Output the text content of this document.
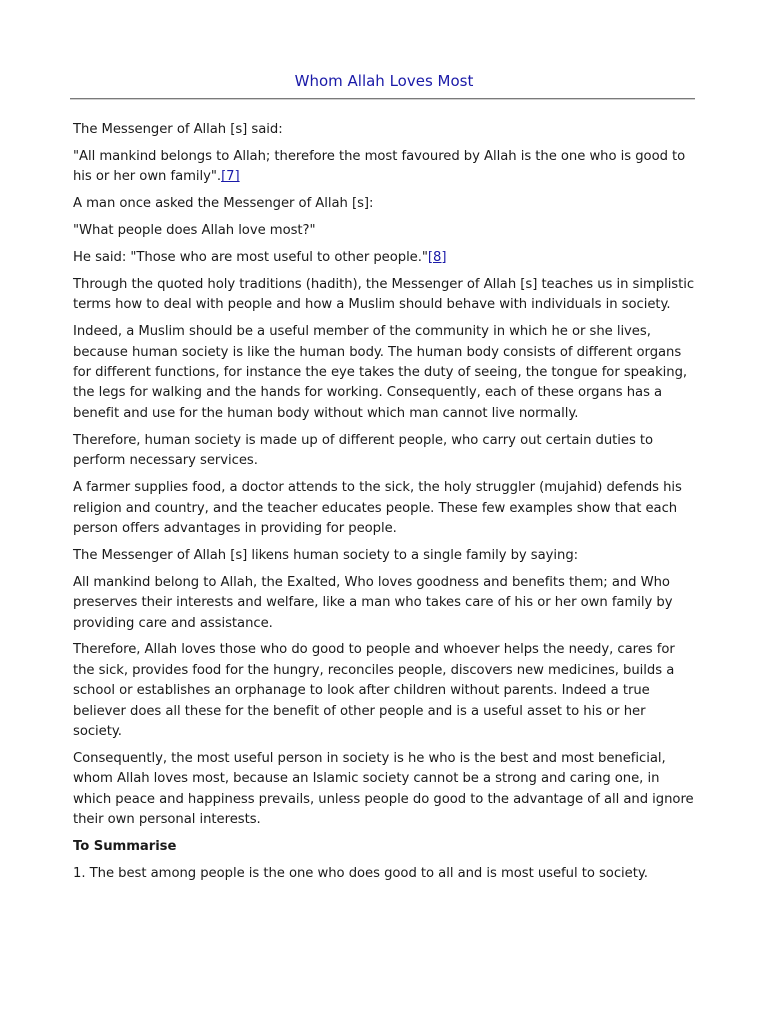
Whom Allah Loves Most

The Messenger of Allah [s] said:

"All mankind belongs to Allah; therefore the most favoured by Allah is the one who is good to his or her own family".[7]

A man once asked the Messenger of Allah [s]:

"What people does Allah love most?"

He said: "Those who are most useful to other people."[8]

Through the quoted holy traditions (hadith), the Messenger of Allah [s] teaches us in simplistic terms how to deal with people and how a Muslim should behave with individuals in society.

Indeed, a Muslim should be a useful member of the community in which he or she lives, because human society is like the human body. The human body consists of different organs for different functions, for instance the eye takes the duty of seeing, the tongue for speaking, the legs for walking and the hands for working. Consequently, each of these organs has a benefit and use for the human body without which man cannot live normally.

Therefore, human society is made up of different people, who carry out certain duties to perform necessary services.

A farmer supplies food, a doctor attends to the sick, the holy struggler (mujahid) defends his religion and country, and the teacher educates people. These few examples show that each person offers advantages in providing for people.

The Messenger of Allah [s] likens human society to a single family by saying:

All mankind belong to Allah, the Exalted, Who loves goodness and benefits them; and Who preserves their interests and welfare, like a man who takes care of his or her own family by providing care and assistance.

Therefore, Allah loves those who do good to people and whoever helps the needy, cares for the sick, provides food for the hungry, reconciles people, discovers new medicines, builds a school or establishes an orphanage to look after children without parents. Indeed a true believer does all these for the benefit of other people and is a useful asset to his or her society.

Consequently, the most useful person in society is he who is the best and most beneficial, whom Allah loves most, because an Islamic society cannot be a strong and caring one, in which peace and happiness prevails, unless people do good to the advantage of all and ignore their own personal interests.

To Summarise

1. The best among people is the one who does good to all and is most useful to society.
